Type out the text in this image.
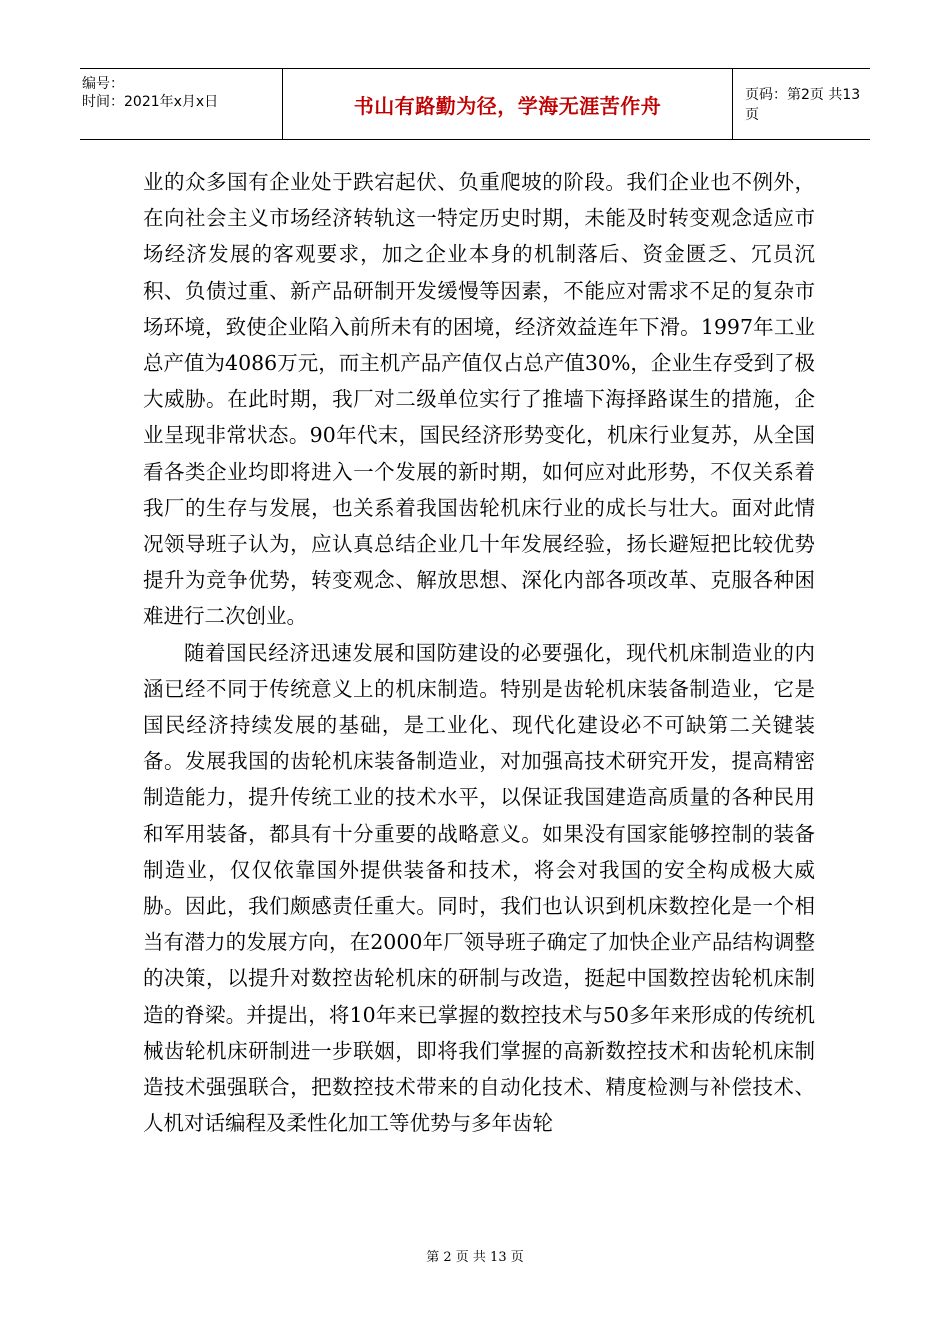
编号：
时间：2021年x月x日	书山有路勤为径，学海无涯苦作舟	页码：第2页 共13页

业的众多国有企业处于跌宕起伏、负重爬坡的阶段。我们企业也不例外，在向社会主义市场经济转轨这一特定历史时期，未能及时转变观念适应市场经济发展的客观要求，加之企业本身的机制落后、资金匮乏、冗员沉积、负债过重、新产品研制开发缓慢等因素，不能应对需求不足的复杂市场环境，致使企业陷入前所未有的困境，经济效益连年下滑。1997年工业总产值为4086万元，而主机产品产值仅占总产值30%，企业生存受到了极大威胁。在此时期，我厂对二级单位实行了推墙下海择路谋生的措施，企业呈现非常状态。90年代末，国民经济形势变化，机床行业复苏，从全国看各类企业均即将进入一个发展的新时期，如何应对此形势，不仅关系着我厂的生存与发展，也关系着我国齿轮机床行业的成长与壮大。面对此情况领导班子认为，应认真总结企业几十年发展经验，扬长避短把比较优势提升为竞争优势，转变观念、解放思想、深化内部各项改革、克服各种困难进行二次创业。

随着国民经济迅速发展和国防建设的必要强化，现代机床制造业的内涵已经不同于传统意义上的机床制造。特别是齿轮机床装备制造业，它是国民经济持续发展的基础，是工业化、现代化建设必不可缺第二关键装备。发展我国的齿轮机床装备制造业，对加强高技术研究开发，提高精密制造能力，提升传统工业的技术水平，以保证我国建造高质量的各种民用和军用装备，都具有十分重要的战略意义。如果没有国家能够控制的装备制造业，仅仅依靠国外提供装备和技术，将会对我国的安全构成极大威胁。因此，我们颇感责任重大。同时，我们也认识到机床数控化是一个相当有潜力的发展方向，在2000年厂领导班子确定了加快企业产品结构调整的决策，以提升对数控齿轮机床的研制与改造，挺起中国数控齿轮机床制造的脊梁。并提出，将10年来已掌握的数控技术与50多年来形成的传统机械齿轮机床研制进一步联姻，即将我们掌握的高新数控技术和齿轮机床制造技术强强联合，把数控技术带来的自动化技术、精度检测与补偿技术、人机对话编程及柔性化加工等优势与多年齿轮

第 2 页 共 13 页
